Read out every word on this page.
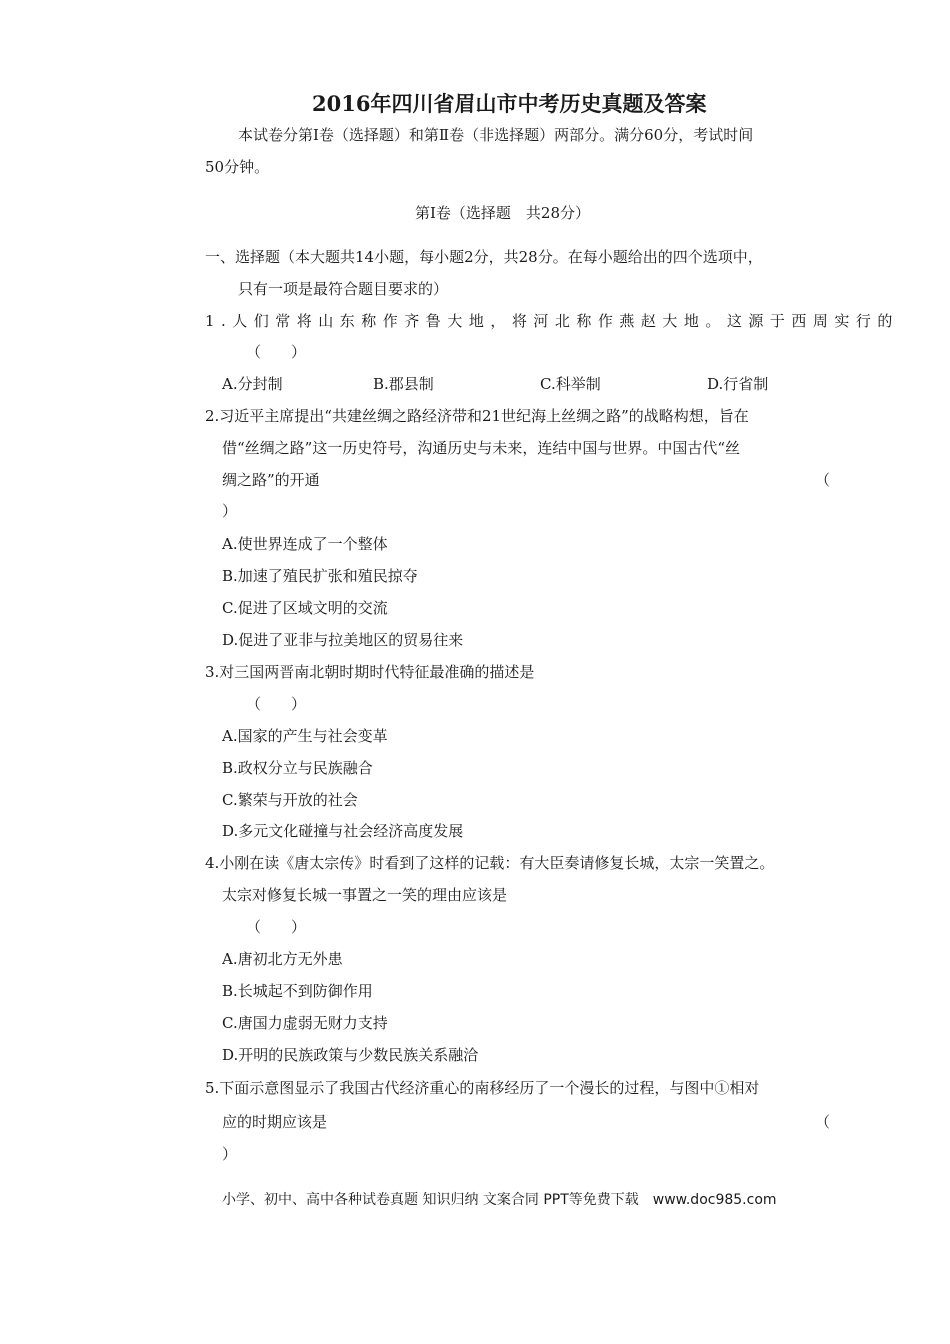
2016年四川省眉山市中考历史真题及答案
本试卷分第Ⅰ卷（选择题）和第Ⅱ卷（非选择题）两部分。满分60分，考试时间
50分钟。
第Ⅰ卷（选择题　共28分）
一、选择题（本大题共14小题，每小题2分，共28分。在每小题给出的四个选项中，
只有一项是最符合题目要求的）
1.人们常将山东称作齐鲁大地，将河北称作燕赵大地。这源于西周实行的
（　　）
A.分封制	B.郡县制	C.科举制	D.行省制
2.习近平主席提出“共建丝绸之路经济带和21世纪海上丝绸之路”的战略构想，旨在
借“丝绸之路”这一历史符号，沟通历史与未来，连结中国与世界。中国古代“丝
绸之路”的开通	（
）
A.使世界连成了一个整体
B.加速了殖民扩张和殖民掠夺
C.促进了区域文明的交流
D.促进了亚非与拉美地区的贸易往来
3.对三国两晋南北朝时期时代特征最准确的描述是
（　　）
A.国家的产生与社会变革
B.政权分立与民族融合
C.繁荣与开放的社会
D.多元文化碰撞与社会经济高度发展
4.小刚在读《唐太宗传》时看到了这样的记载：有大臣奏请修复长城，太宗一笑置之。
太宗对修复长城一事置之一笑的理由应该是
（　　）
A.唐初北方无外患
B.长城起不到防御作用
C.唐国力虚弱无财力支持
D.开明的民族政策与少数民族关系融洽
5.下面示意图显示了我国古代经济重心的南移经历了一个漫长的过程，与图中①相对
应的时期应该是	（
）
小学、初中、高中各种试卷真题 知识归纳 文案合同 PPT等免费下载　www.doc985.com
